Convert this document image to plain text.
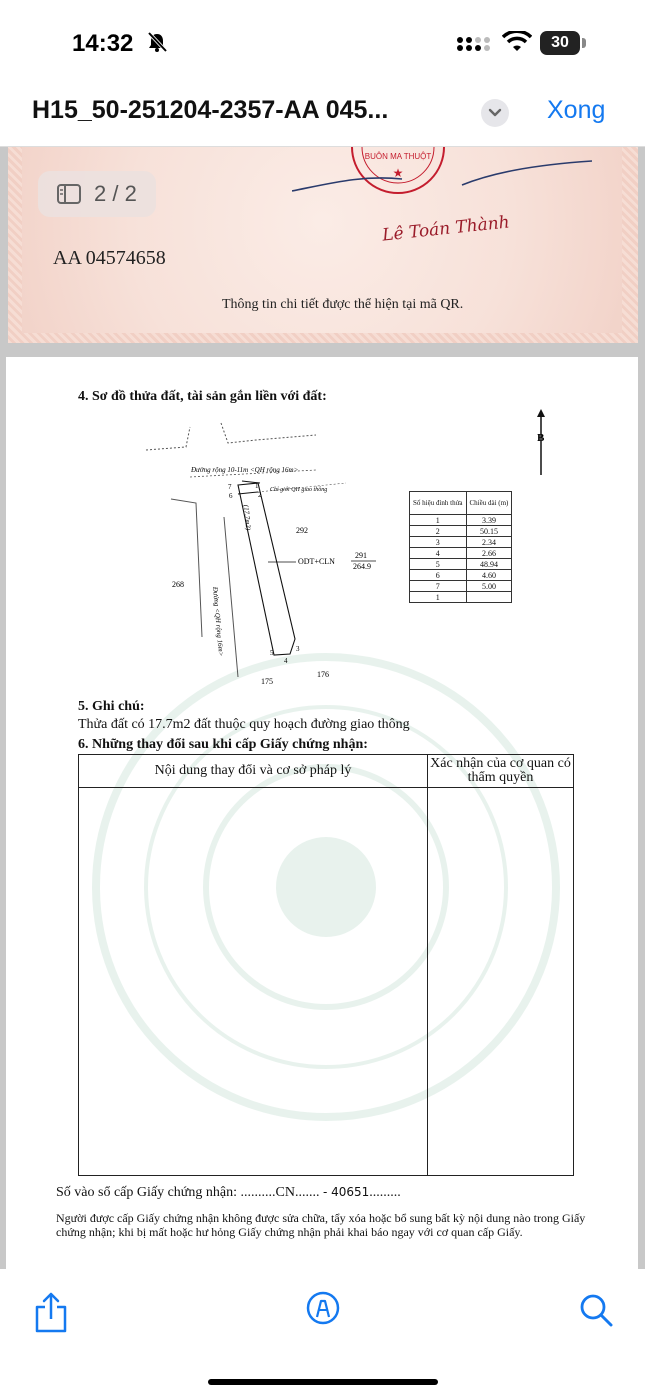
14:32	30
H15_50-251204-2357-AA 045...	Xong
BUÔN MA THUỘT
★
Lê Toán Thành
2 / 2
AA 04574658
Thông tin chi tiết được thể hiện tại mã QR.
4. Sơ đồ thửa đất, tài sản gắn liền với đất:
B
Đường rộng 10-11m <QH rộng 16m>
Đường <QH rộng 16m>
Chỉ giới QH giao thông
(17.7m2)	292
ODT+CLN
291
264.9
268
175
176
1
2
3
4
5
6
7
Số hiệu đỉnh thửa	Chiều dài (m)
1	3.39
2	50.15
3	2.34
4	2.66
5	48.94
6	4.60
7	5.00
1	
5. Ghi chú:
Thửa đất có 17.7m2 đất thuộc quy hoạch đường giao thông
6. Những thay đổi sau khi cấp Giấy chứng nhận:
Nội dung thay đổi và cơ sở pháp lý	Xác nhận của cơ quan có thẩm quyền
Số vào sổ cấp Giấy chứng nhận: ..........CN....... - 40651.........
Người được cấp Giấy chứng nhận không được sửa chữa, tẩy xóa hoặc bổ sung bất kỳ nội dung nào trong Giấy chứng nhận; khi bị mất hoặc hư hỏng Giấy chứng nhận phải khai báo ngay với cơ quan cấp Giấy.
